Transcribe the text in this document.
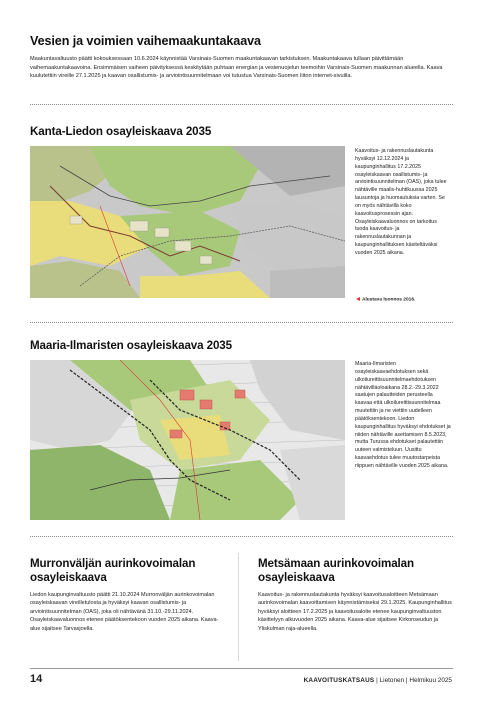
Vesien ja voimien vaihemaakuntakaava

Maakuntavaltuusto päätti kokouksessaan 10.6.2024 käynnistää Varsinais-Suomen maakuntakaavan tarkistuksen. Maakuntakaava tullaan päivittämään vaihemaakuntakaavoina. Ensimmäisen vaiheen päivityksessä keskitytään puhtaan energian ja vesienuojelun teemoihin Varsinais-Suomen maakunnan alueella. Kaava kuulutettiin vireille 27.1.2025 ja kaavan osallistumis- ja arviointisuunnitelmaan voi tutustua Varsinais-Suomen liiton internet-sivuilla.

Kanta-Liedon osayleiskaava 2035

Kaavoitus- ja rakennuslautakunta hyväksyi 12.12.2024 ja kaupunginhallitus 17.2.2025 osayleiskaavan osallistumis- ja arviointisuunnitelman (OAS), joka tulee nähtäville maalis-huhtikuussa 2025 lausuntoja ja huomautuksia varten. Se on myös nähtävillä koko kaavoitusprosessin ajan. Osayleiskaavaluonnos on tarkoitus tuoda kaavoitus- ja rakennuslautakunnan ja kaupunginhallituksen käsiteltäväksi vuoden 2025 aikana.

Alustava luonnos 2016.
Maaria-Ilmaristen osayleiskaava 2035

Maaria-Ilmaristen osayleiskaavaehdotuksen sekä ulkoilureittisuunnitelmaehdotuksen nähtävilläoloaikana 28.2.-29.3.2022 saatujen palautteiden perusteella kaavaa että ulkoilureittisuunnitelmaa muutettiin ja ne viettiin uudelleen päätöksentekoon. Liedon kaupunginhallitus hyväksyi ehdotukset ja niiden nähtäville asettamisen 8.5.2023, mutta Turussa ehdotukset palautettiin uuteen valmisteluun. Uusittu kaavaehdotus tulee muutostarpeista riippuen nähtäville vuoden 2025 aikana.

Murronväljän aurinkovoimalan
osayleiskaava

Liedon kaupunginvaltuusto päätti 21.10.2024 Murronväljän aurinkovoimalan osayleiskaavan vireilletulosta ja hyväksyi kaavan osallistumis- ja arviointisuunnitelman (OAS), joka oli nähtävänä 31.10.-29.11.2024. Osayleiskaavaluonnos etenee päätöksentekoon vuoden 2025 aikana. Kaava-alue sijaitsee Tarvasjoella.

Metsämaan aurinkovoimalan
osayleiskaava

Kaavoitus- ja rakennuslautakunta hyväksyi kaavoitusaloitteen Metsämaan aurinkovoimalan kaavoittamisen käynnistämiseksi 29.1.2025. Kaupunginhallitus hyväksyi aloitteen 17.2.2025 ja kaavoitusaloite etenee kaupunginvaltuuston käsittelyyn alkuvuoden 2025 aikana. Kaava-alue sijaitsee Kirkonseudun ja Yliskulman raja-alueella.

14	KAAVOITUSKATSAUS | Lietonen | Helmikuu 2025
